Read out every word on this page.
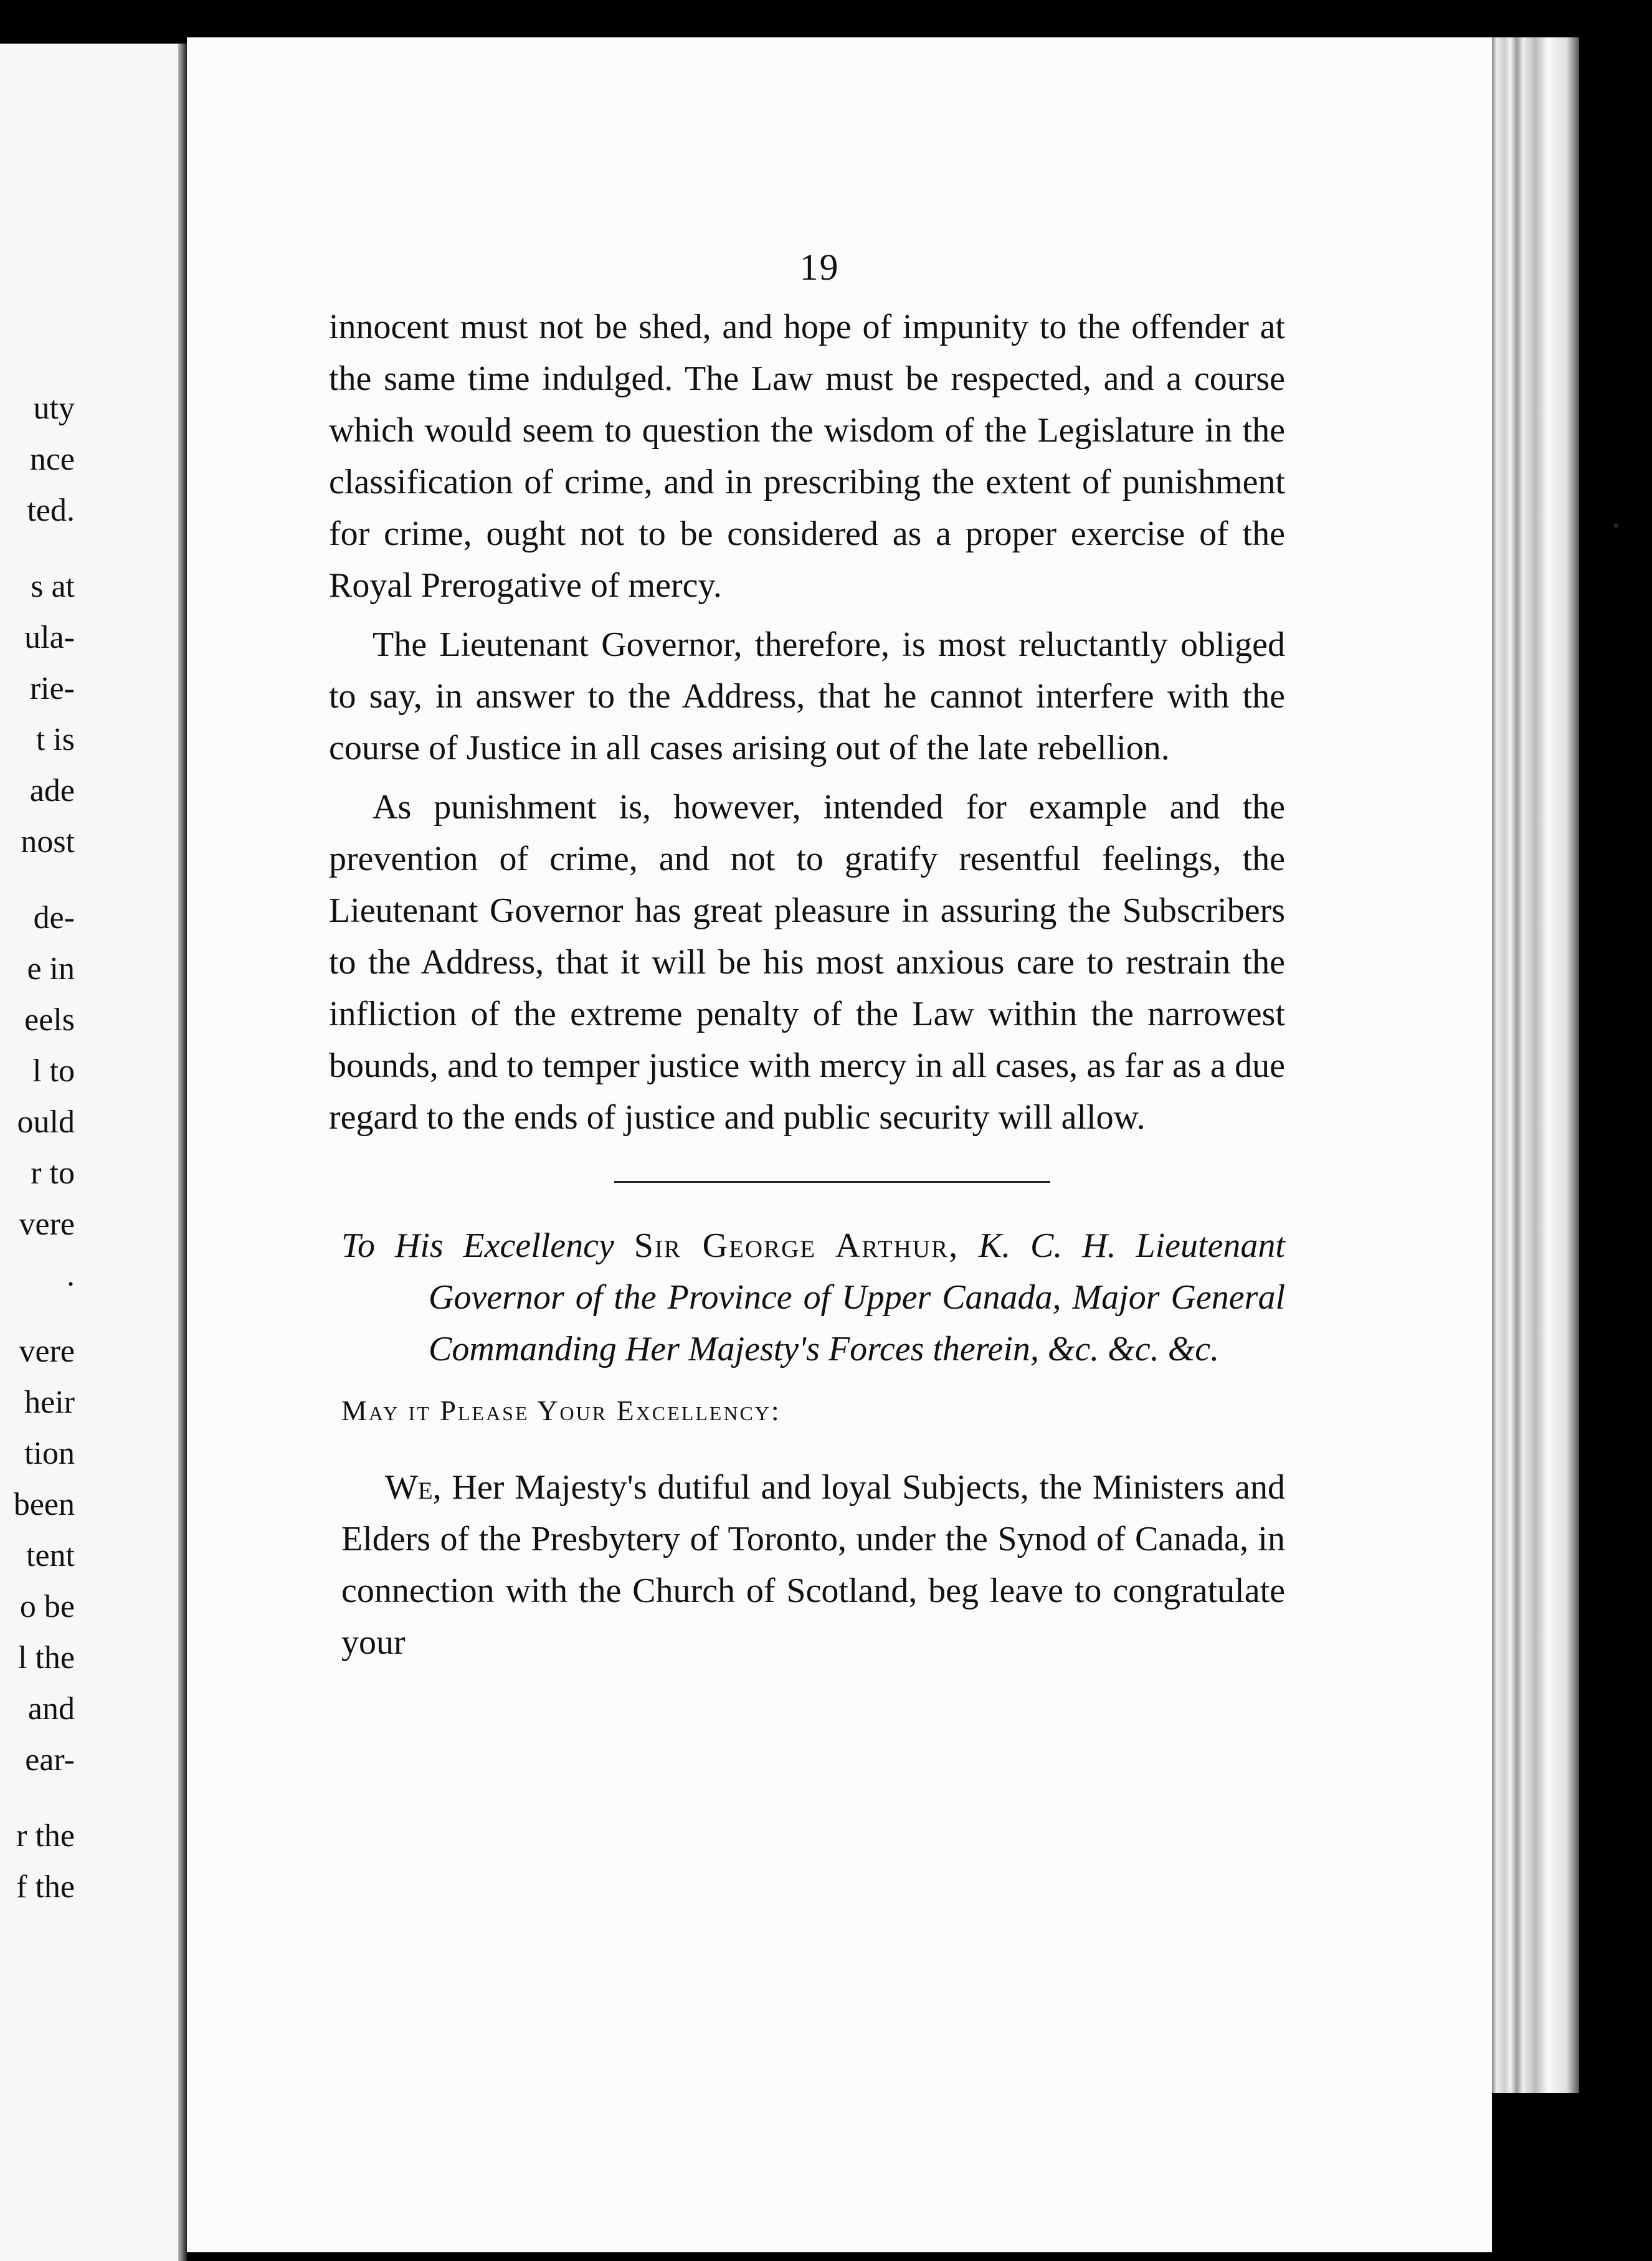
uty
nce
ted.
s at
ula-
rie-
t is
ade
nost
de-
e in
eels
l to
ould
r to
vere
.
vere
heir
tion
been
tent
o be
l the
and
ear-
r the
f the
19

innocent must not be shed, and hope of impunity to the offender at the same time indulged. The Law must be respected, and a course which would seem to question the wisdom of the Legislature in the classification of crime, and in prescribing the extent of punishment for crime, ought not to be considered as a proper exercise of the Royal Prerogative of mercy.

The Lieutenant Governor, therefore, is most reluctantly obliged to say, in answer to the Address, that he cannot interfere with the course of Justice in all cases arising out of the late rebellion.

As punishment is, however, intended for example and the prevention of crime, and not to gratify resentful feelings, the Lieutenant Governor has great pleasure in assuring the Subscribers to the Address, that it will be his most anxious care to restrain the infliction of the extreme penalty of the Law within the narrowest bounds, and to temper justice with mercy in all cases, as far as a due regard to the ends of justice and public security will allow.

To His Excellency Sir George Arthur, K. C. H. Lieutenant Governor of the Province of Upper Canada, Major General Commanding Her Majesty's Forces therein, &c. &c. &c.
May it Please Your Excellency:

We, Her Majesty's dutiful and loyal Subjects, the Ministers and Elders of the Presbytery of Toronto, under the Synod of Canada, in connection with the Church of Scotland, beg leave to congratulate your
